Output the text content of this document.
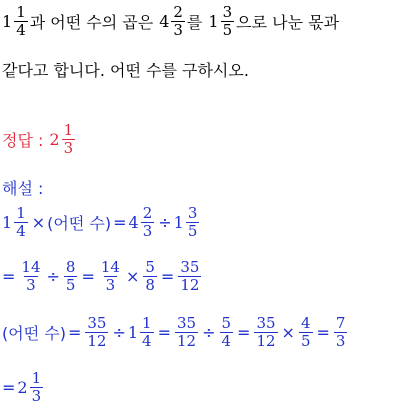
$1 \frac{1}{4}$ 과 어떤 수의 곱은 $4 \frac{2}{3}$ 를 $1 \frac{3}{5}$ 으로 나눈 몫과
같다고 합니다. 어떤 수를 구하시오.
정답 : $2 \frac{1}{3}$
해설 :
$1 \frac{1}{4}$ × (어떤 수) = $4 \frac{2}{3} \div 1 \frac{3}{5}$
= $\frac{14}{3} \div \frac{8}{5} = \frac{14}{3} \times \frac{5}{8} = \frac{35}{12}$
(어떤 수) = $\frac{35}{12} \div 1 \frac{1}{4} = \frac{35}{12} \div \frac{5}{4} = \frac{35}{12} \times \frac{4}{5} = \frac{7}{3}$
= $2 \frac{1}{3}$
